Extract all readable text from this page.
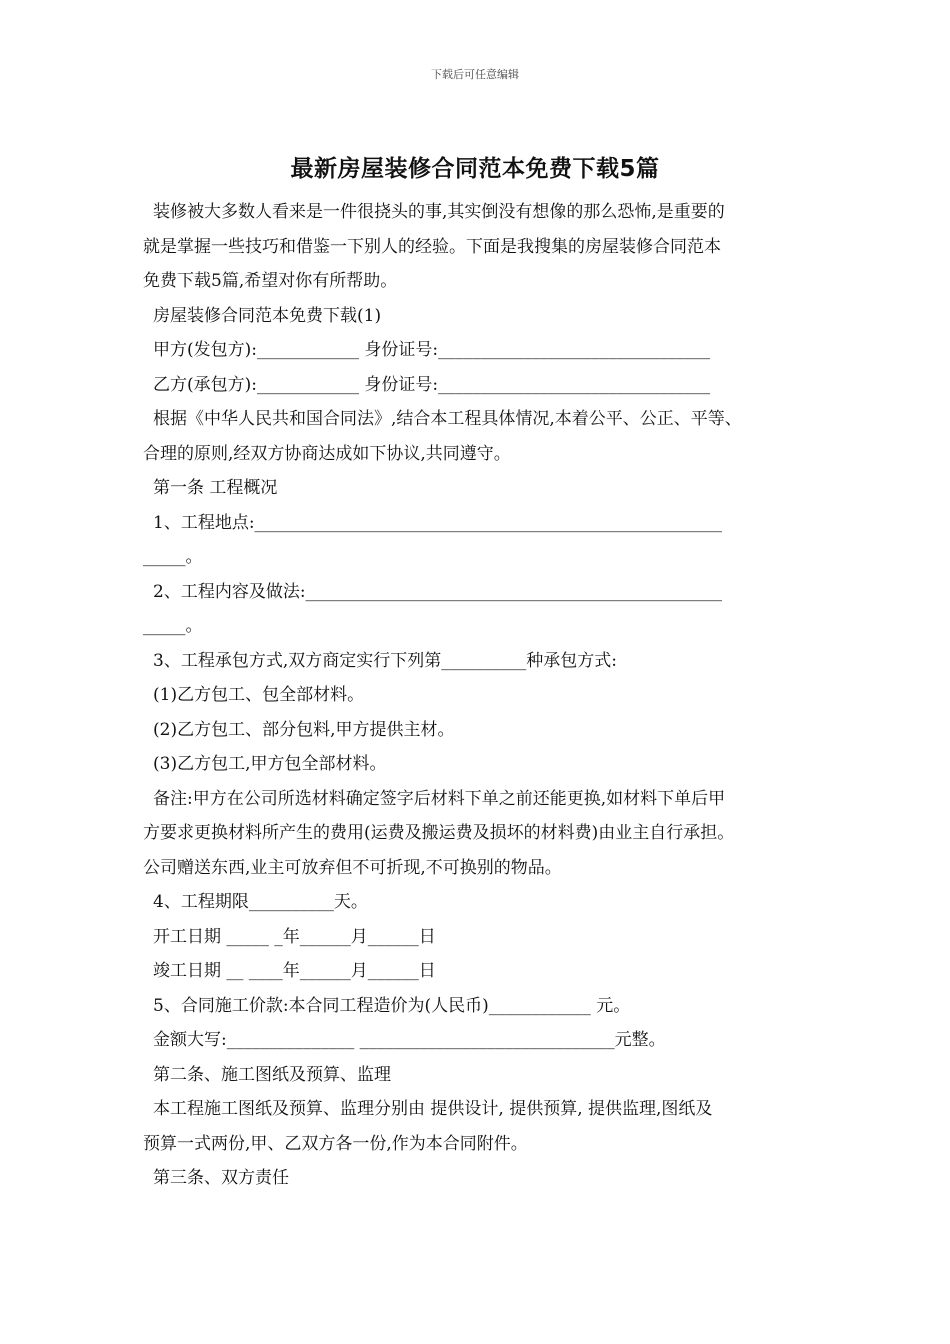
下载后可任意编辑
最新房屋装修合同范本免费下载5篇
装修被大多数人看来是一件很挠头的事,其实倒没有想像的那么恐怖,是重要的
就是掌握一些技巧和借鉴一下别人的经验。下面是我搜集的房屋装修合同范本
免费下载5篇,希望对你有所帮助。
房屋装修合同范本免费下载(1)
甲方(发包方):____________ 身份证号:________________________________
乙方(承包方):____________ 身份证号:________________________________
根据《中华人民共和国合同法》,结合本工程具体情况,本着公平、公正、平等、
合理的原则,经双方协商达成如下协议,共同遵守。
第一条 工程概况
1、工程地点:_______________________________________________________
_____。
2、工程内容及做法:_________________________________________________
_____。
3、工程承包方式,双方商定实行下列第__________种承包方式:
(1)乙方包工、包全部材料。
(2)乙方包工、部分包料,甲方提供主材。
(3)乙方包工,甲方包全部材料。
备注:甲方在公司所选材料确定签字后材料下单之前还能更换,如材料下单后甲
方要求更换材料所产生的费用(运费及搬运费及损坏的材料费)由业主自行承担。
公司赠送东西,业主可放弃但不可折现,不可换别的物品。
4、工程期限__________天。
开工日期 _____ _年______月______日
竣工日期 __ ____年______月______日
5、合同施工价款:本合同工程造价为(人民币)____________ 元。
金额大写:_______________ ______________________________元整。
第二条、施工图纸及预算、监理
本工程施工图纸及预算、监理分别由 提供设计, 提供预算, 提供监理,图纸及
预算一式两份,甲、乙双方各一份,作为本合同附件。
第三条、双方责任
